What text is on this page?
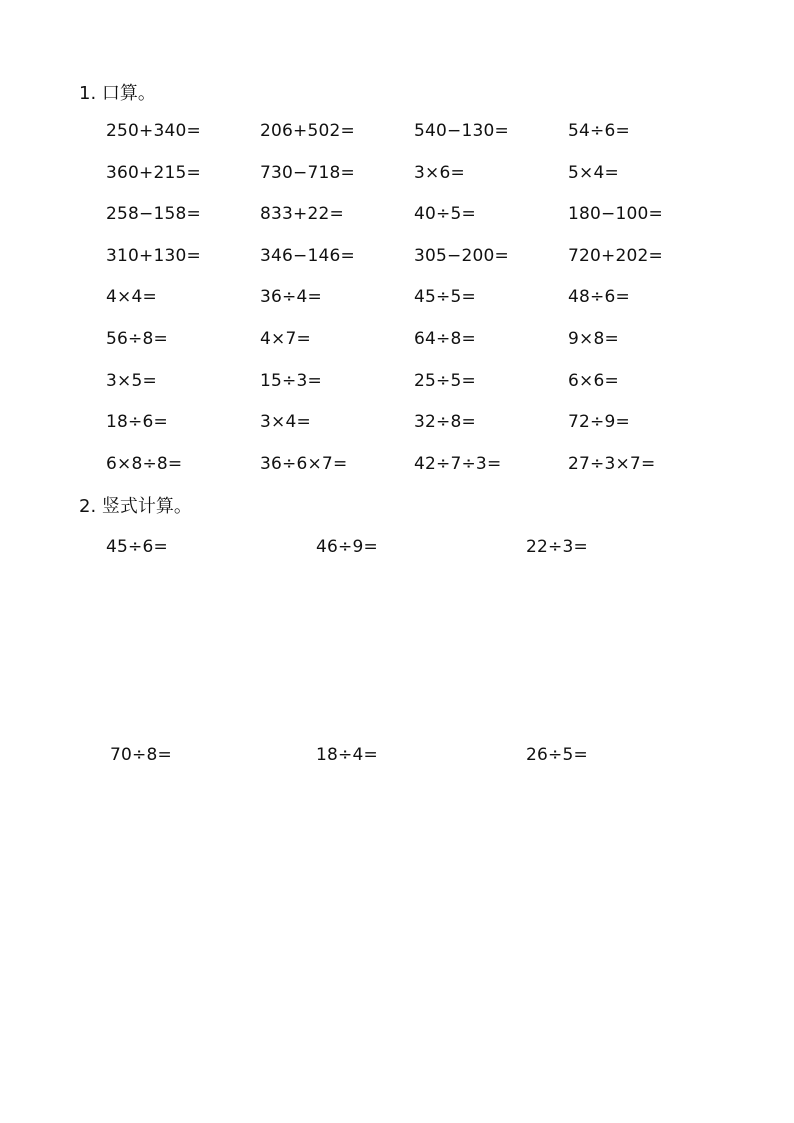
1. 口算。
250+340=	206+502=	540−130=	54÷6=
360+215=	730−718=	3×6=	5×4=
258−158=	833+22=	40÷5=	180−100=
310+130=	346−146=	305−200=	720+202=
4×4=	36÷4=	45÷5=	48÷6=
56÷8=	4×7=	64÷8=	9×8=
3×5=	15÷3=	25÷5=	6×6=
18÷6=	3×4=	32÷8=	72÷9=
6×8÷8=	36÷6×7=	42÷7÷3=	27÷3×7=
2. 竖式计算。
45÷6=	46÷9=	22÷3=
70÷8=	18÷4=	26÷5=
